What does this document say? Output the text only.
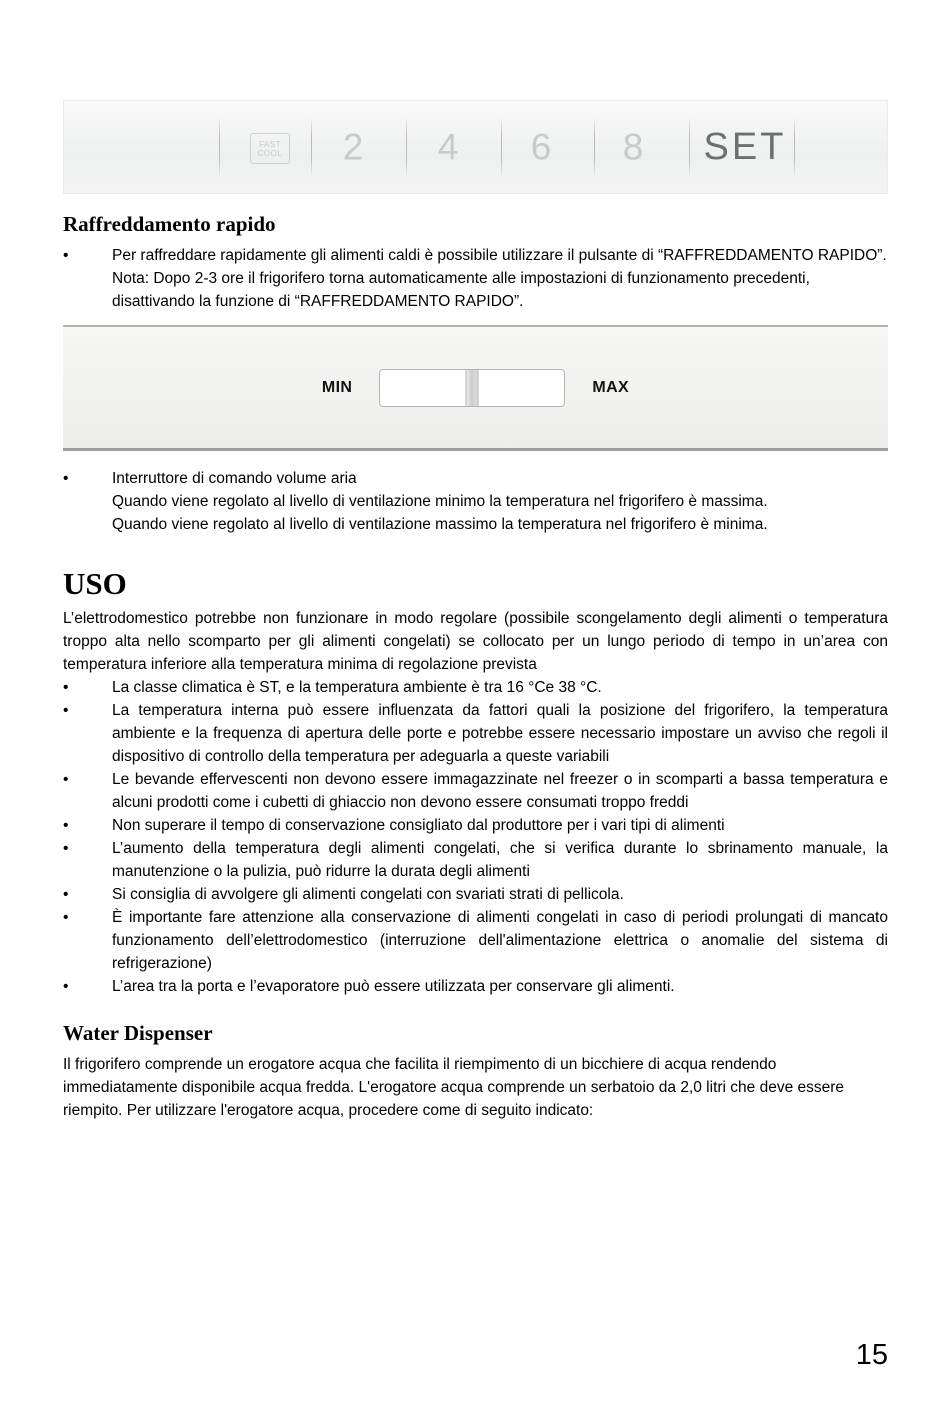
FAST
COOL 2 4 6 8 SET
Raffreddamento rapido
•	Per raffreddare rapidamente gli alimenti caldi è possibile utilizzare il pulsante di “RAFFREDDAMENTO RAPIDO”.

Nota: Dopo 2-3 ore il frigorifero torna automaticamente alle impostazioni di funzionamento precedenti, disattivando la funzione di “RAFFREDDAMENTO RAPIDO”.

MIN	MAX
•	Interruttore di comando volume aria

Quando viene regolato al livello di ventilazione minimo la temperatura nel frigorifero è massima.

Quando viene regolato al livello di ventilazione massimo la temperatura nel frigorifero è minima.

USO

L’elettrodomestico potrebbe non funzionare in modo regolare (possibile scongelamento degli alimenti o temperatura troppo alta nello scomparto per gli alimenti congelati) se collocato per un lungo periodo di tempo in un’area con temperatura inferiore alla temperatura minima di regolazione prevista

•	La classe climatica è ST, e la temperatura ambiente è tra 16 °Ce 38 °C.
•	La temperatura interna può essere influenzata da fattori quali la posizione del frigorifero, la temperatura ambiente e la frequenza di apertura delle porte e potrebbe essere necessario impostare un avviso che regoli il dispositivo di controllo della temperatura per adeguarla a queste variabili
•	Le bevande effervescenti non devono essere immagazzinate nel freezer o in scomparti a bassa temperatura e alcuni prodotti come i cubetti di ghiaccio non devono essere consumati troppo freddi
•	Non superare il tempo di conservazione consigliato dal produttore per i vari tipi di alimenti
•	L’aumento della temperatura degli alimenti congelati, che si verifica durante lo sbrinamento manuale, la manutenzione o la pulizia, può ridurre la durata degli alimenti
•	Si consiglia di avvolgere gli alimenti congelati con svariati strati di pellicola.
•	È importante fare attenzione alla conservazione di alimenti congelati in caso di periodi prolungati di mancato funzionamento dell’elettrodomestico (interruzione dell'alimentazione elettrica o anomalie del sistema di refrigerazione)
•	L’area tra la porta e l’evaporatore può essere utilizzata per conservare gli alimenti.
Water Dispenser

Il frigorifero comprende un erogatore acqua che facilita il riempimento di un bicchiere di acqua rendendo immediatamente disponibile acqua fredda. L'erogatore acqua comprende un serbatoio da 2,0 litri che deve essere riempito. Per utilizzare l'erogatore acqua, procedere come di seguito indicato:

15
